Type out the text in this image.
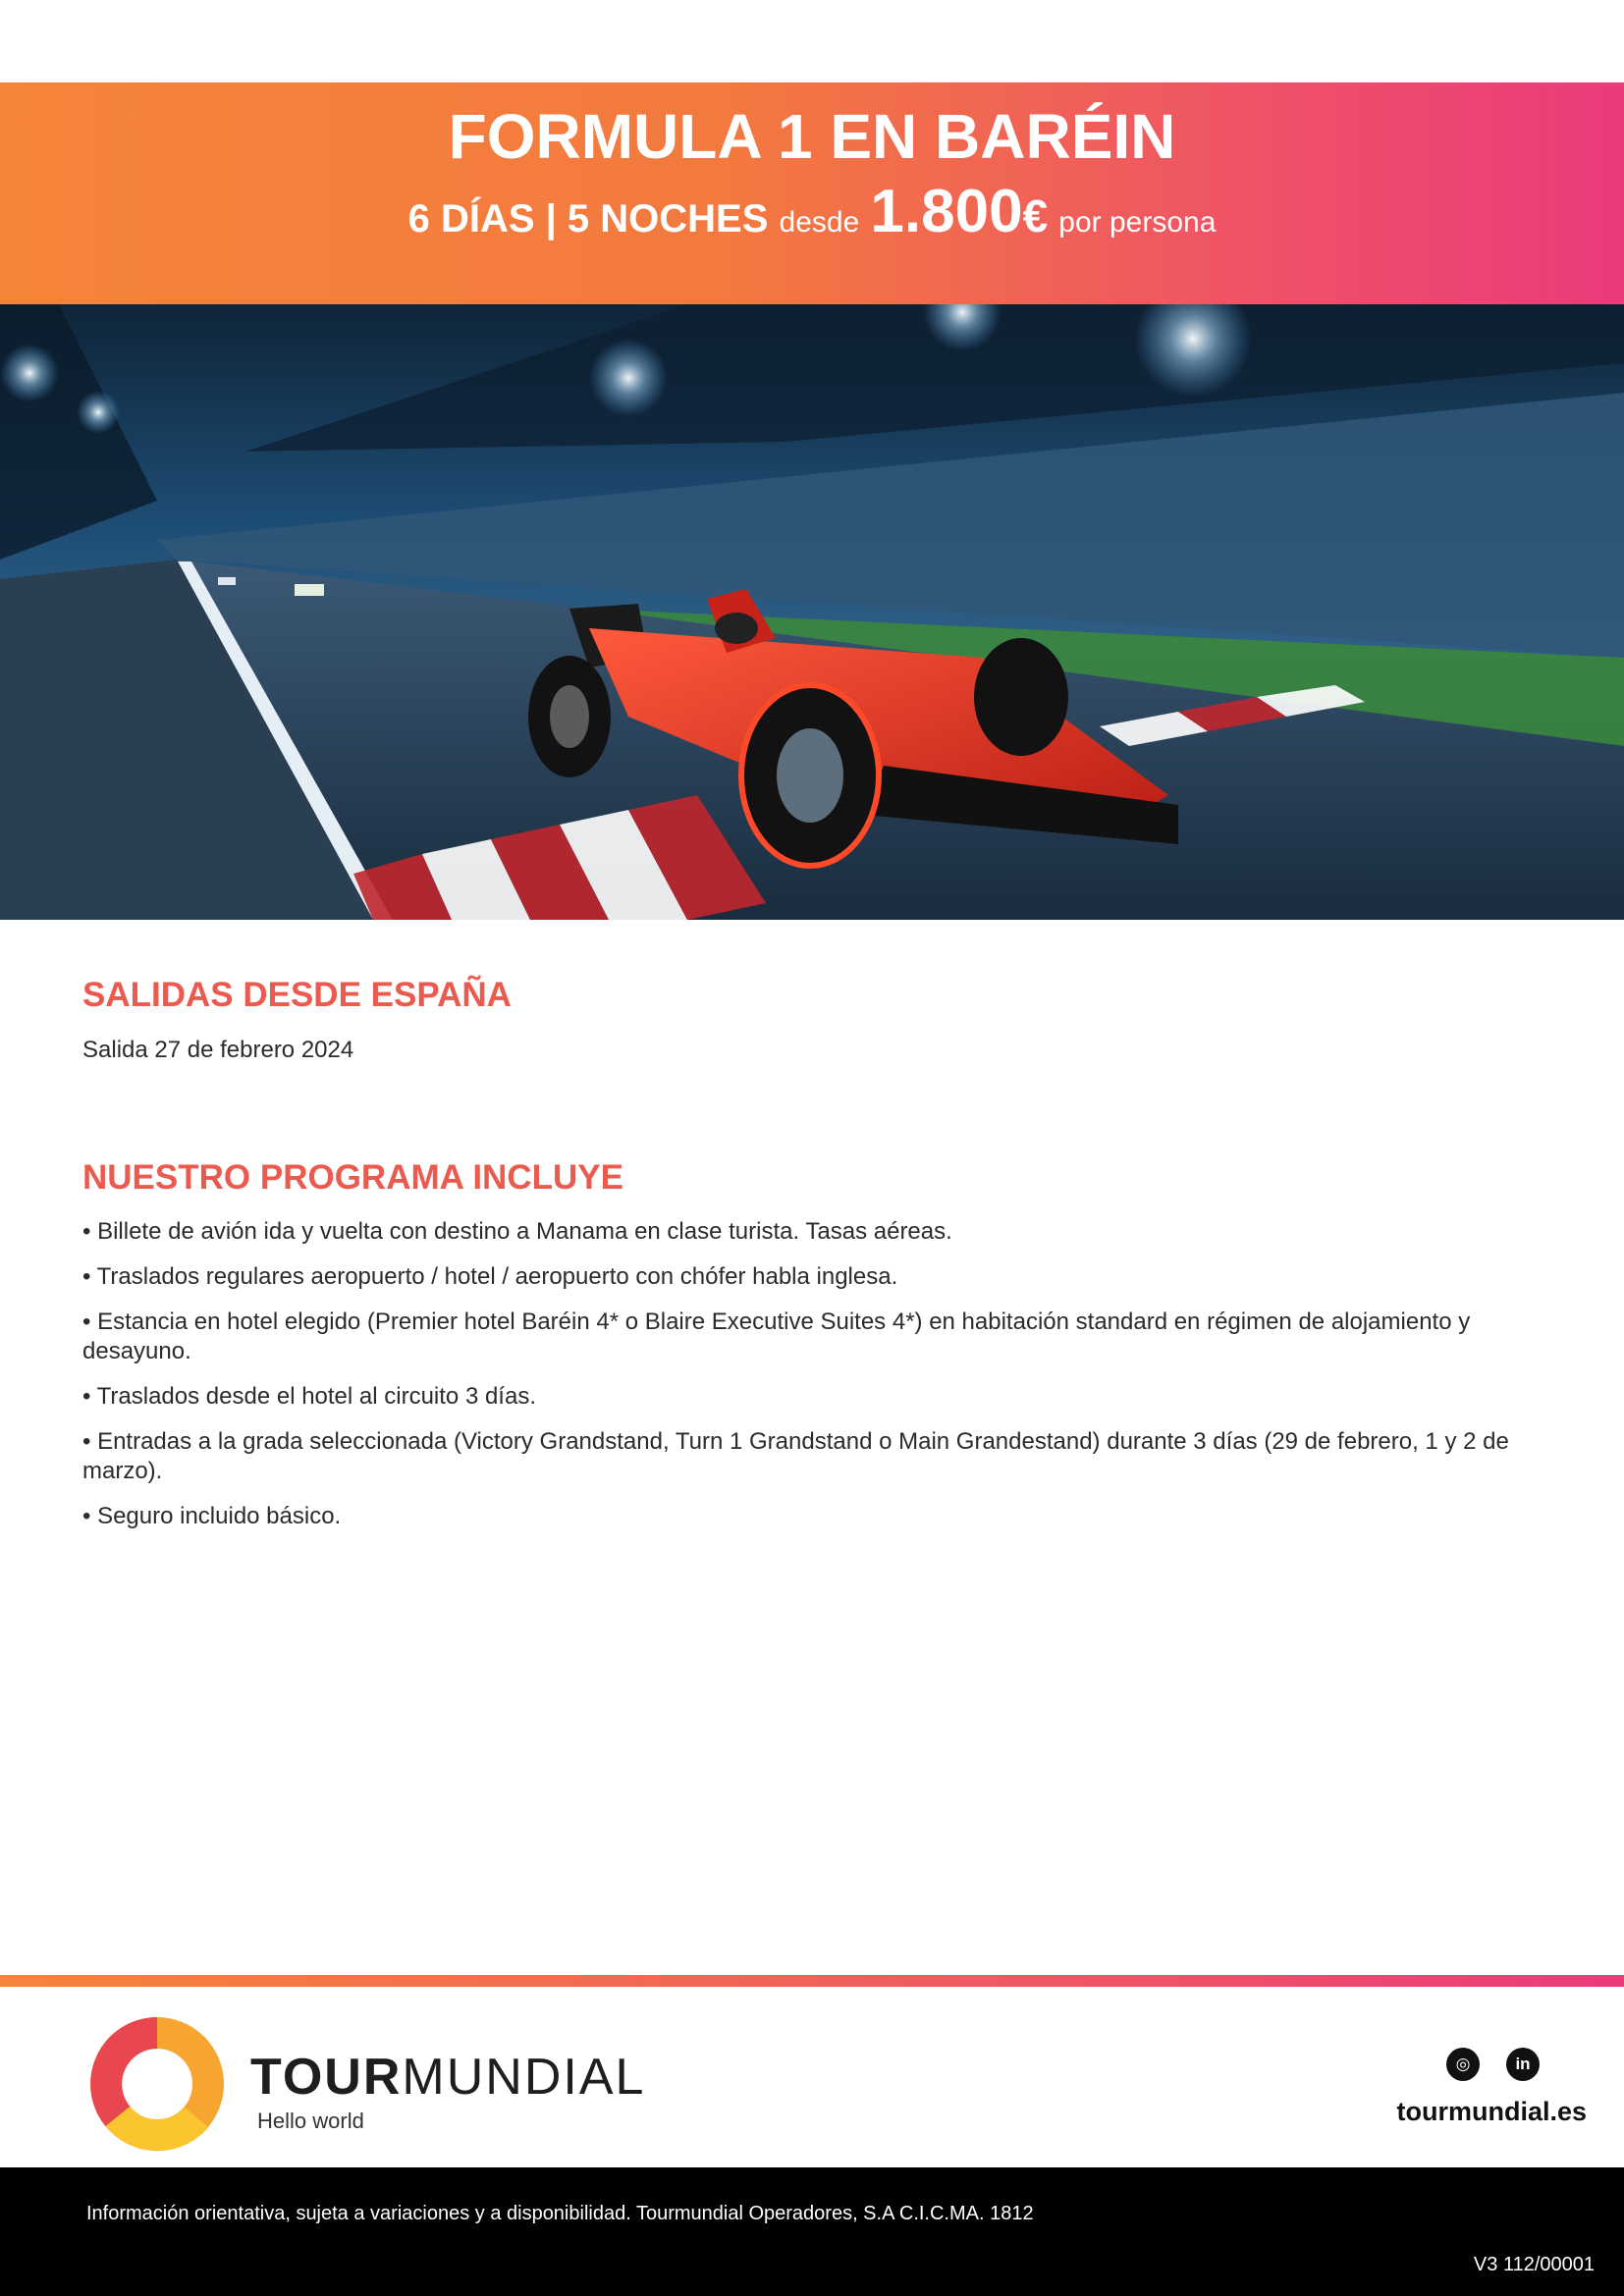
FORMULA 1 EN BARÉIN
6 DÍAS | 5 NOCHES desde 1.800€ por persona
SALIDAS DESDE ESPAÑA

Salida 27 de febrero 2024

NUESTRO PROGRAMA INCLUYE
• Billete de avión ida y vuelta con destino a Manama en clase turista. Tasas aéreas.
• Traslados regulares aeropuerto / hotel / aeropuerto con chófer habla inglesa.
• Estancia en hotel elegido (Premier hotel Baréin 4* o Blaire Executive Suites 4*) en habitación standard en régimen de alojamiento y desayuno.
• Traslados desde el hotel al circuito 3 días.
• Entradas a la grada seleccionada (Victory Grandstand, Turn 1 Grandstand o Main Grandestand) durante 3 días (29 de febrero, 1 y 2 de marzo).
• Seguro incluido básico.
TOURMUNDIAL
Hello world
◎	in
tourmundial.es
Información orientativa, sujeta a variaciones y a disponibilidad. Tourmundial Operadores, S.A C.I.C.MA. 1812
V3 112/00001
